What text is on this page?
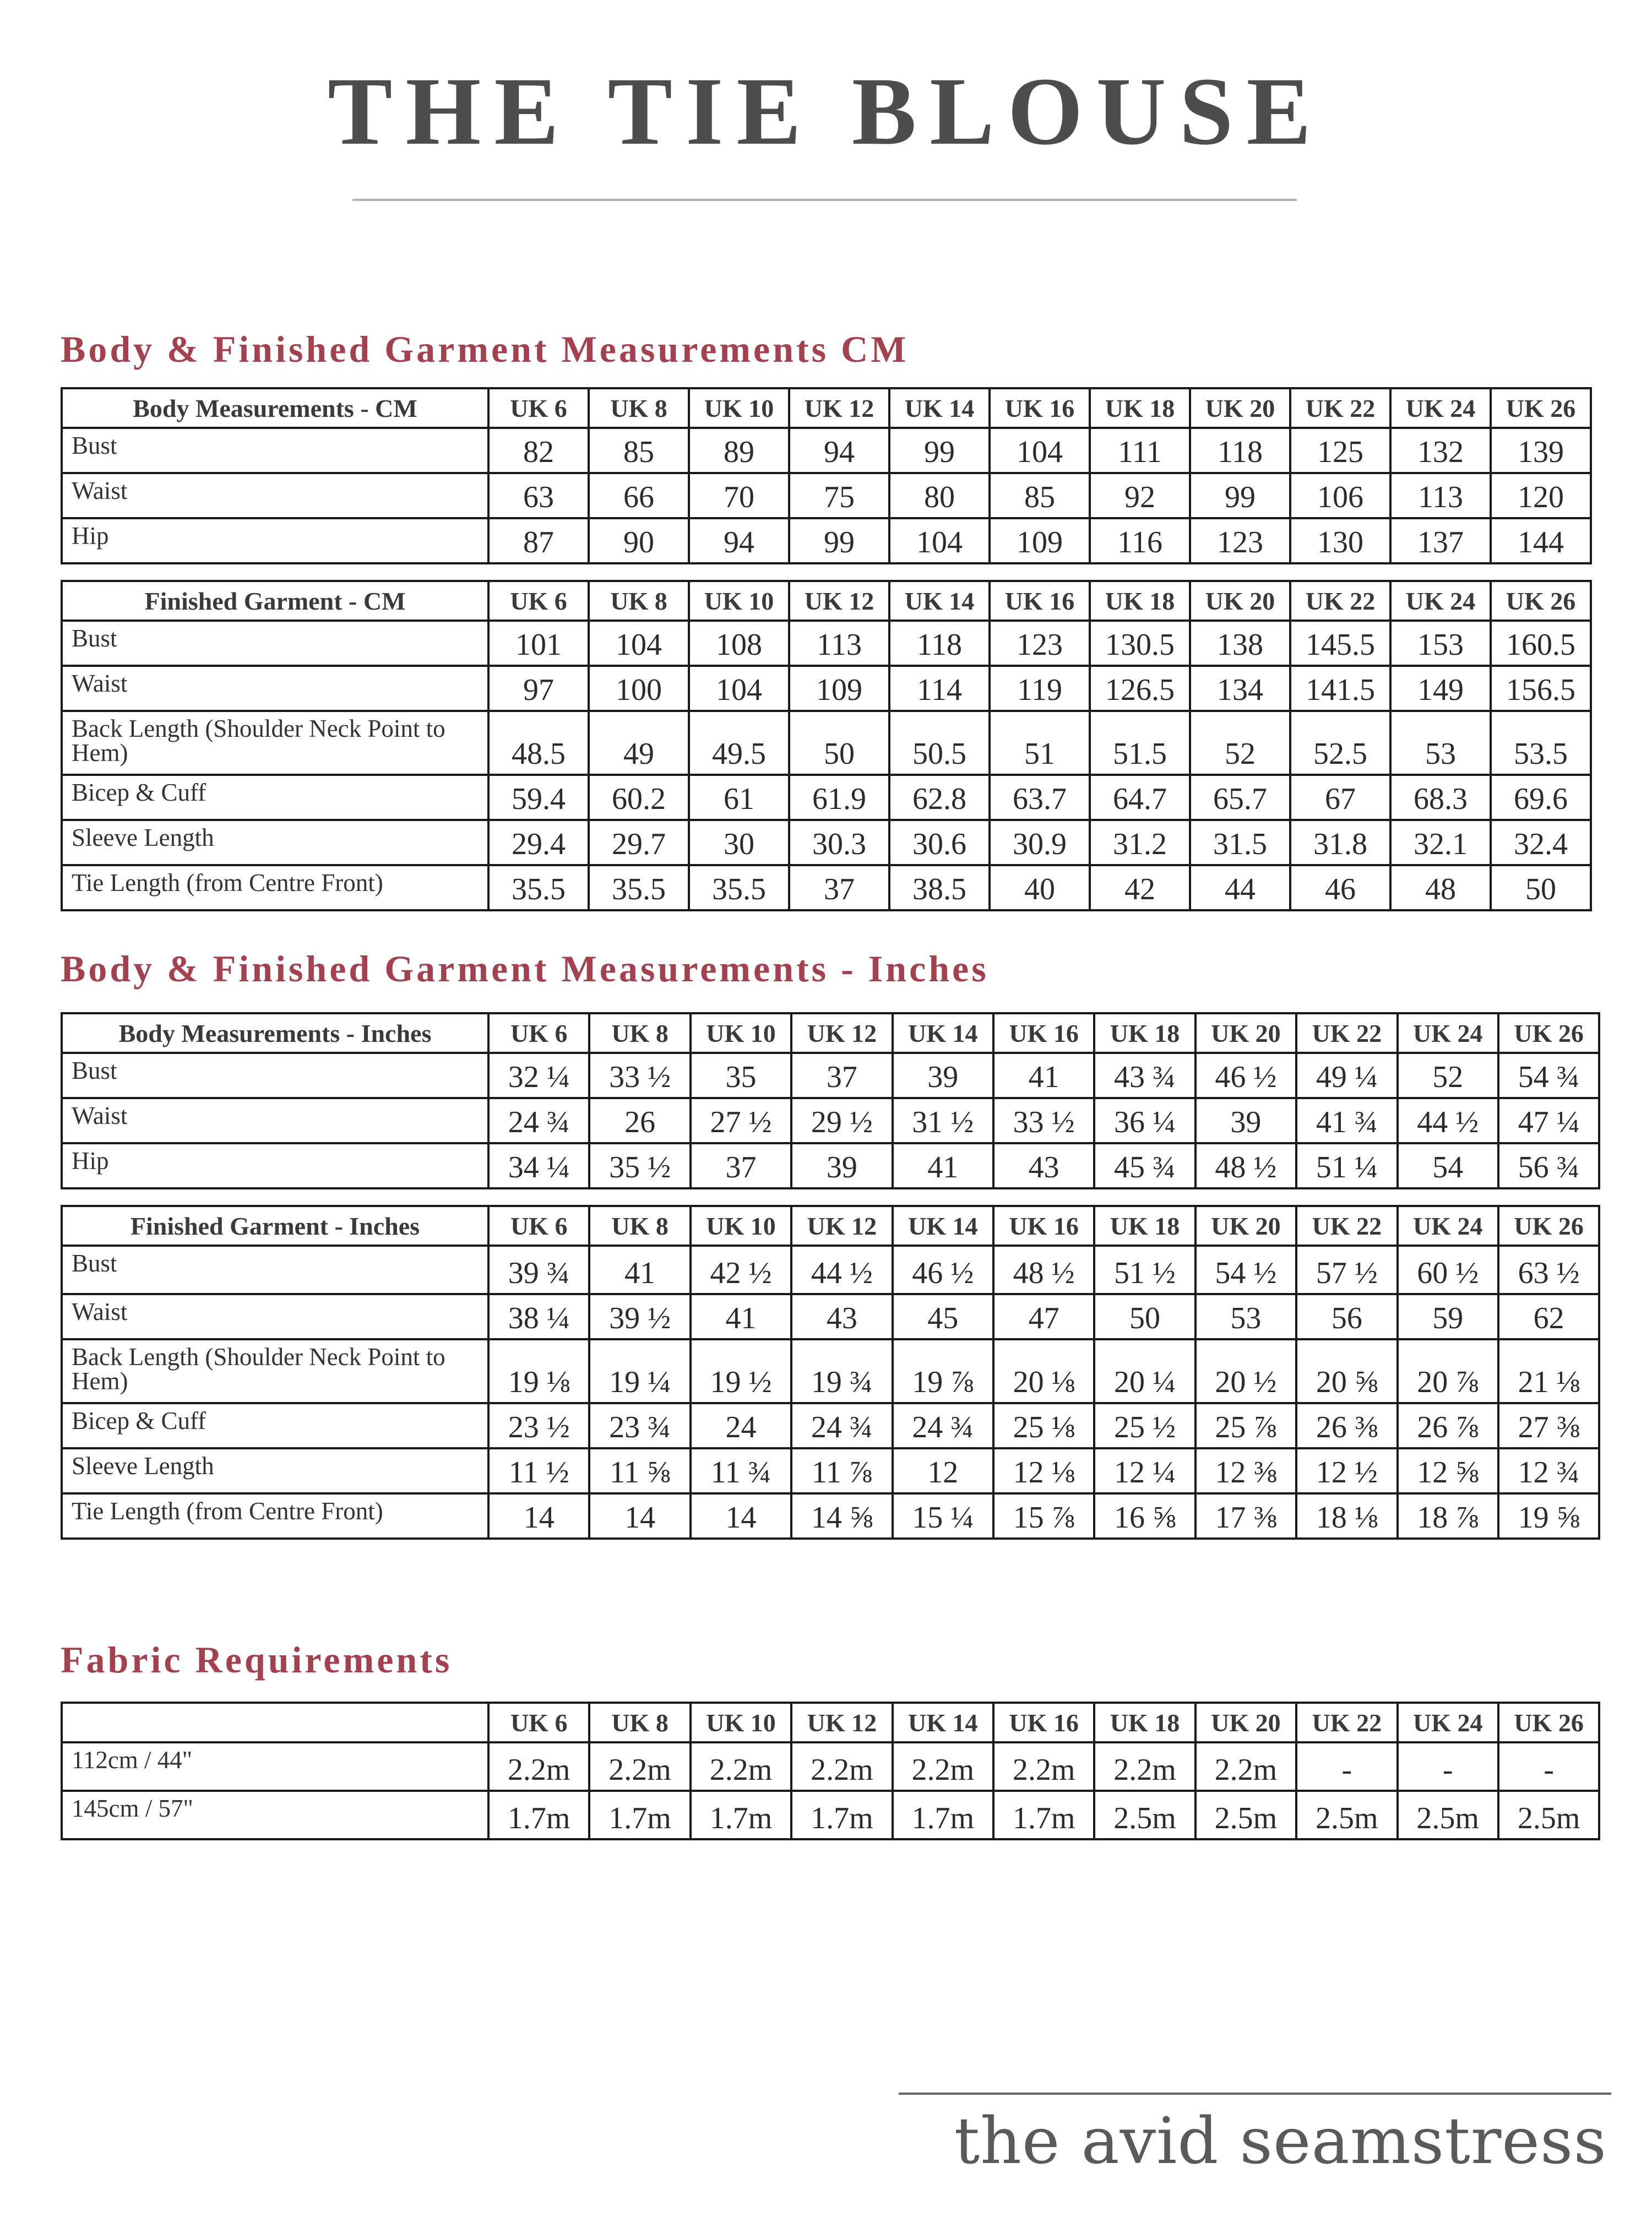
THE TIE BLOUSE
Body & Finished Garment Measurements CM
Body Measurements - CM	UK 6	UK 8	UK 10	UK 12	UK 14	UK 16	UK 18	UK 20	UK 22	UK 24	UK 26
Bust	82	85	89	94	99	104	111	118	125	132	139
Waist	63	66	70	75	80	85	92	99	106	113	120
Hip	87	90	94	99	104	109	116	123	130	137	144
Finished Garment - CM	UK 6	UK 8	UK 10	UK 12	UK 14	UK 16	UK 18	UK 20	UK 22	UK 24	UK 26
Bust	101	104	108	113	118	123	130.5	138	145.5	153	160.5
Waist	97	100	104	109	114	119	126.5	134	141.5	149	156.5
Back Length (Shoulder Neck Point to Hem)	48.5	49	49.5	50	50.5	51	51.5	52	52.5	53	53.5
Bicep & Cuff	59.4	60.2	61	61.9	62.8	63.7	64.7	65.7	67	68.3	69.6
Sleeve Length	29.4	29.7	30	30.3	30.6	30.9	31.2	31.5	31.8	32.1	32.4
Tie Length (from Centre Front)	35.5	35.5	35.5	37	38.5	40	42	44	46	48	50
Body & Finished Garment Measurements - Inches
Body Measurements - Inches	UK 6	UK 8	UK 10	UK 12	UK 14	UK 16	UK 18	UK 20	UK 22	UK 24	UK 26
Bust	32 ¼	33 ½	35	37	39	41	43 ¾	46 ½	49 ¼	52	54 ¾
Waist	24 ¾	26	27 ½	29 ½	31 ½	33 ½	36 ¼	39	41 ¾	44 ½	47 ¼
Hip	34 ¼	35 ½	37	39	41	43	45 ¾	48 ½	51 ¼	54	56 ¾
Finished Garment - Inches	UK 6	UK 8	UK 10	UK 12	UK 14	UK 16	UK 18	UK 20	UK 22	UK 24	UK 26
Bust	39 ¾	41	42 ½	44 ½	46 ½	48 ½	51 ½	54 ½	57 ½	60 ½	63 ½
Waist	38 ¼	39 ½	41	43	45	47	50	53	56	59	62
Back Length (Shoulder Neck Point to Hem)	19 ⅛	19 ¼	19 ½	19 ¾	19 ⅞	20 ⅛	20 ¼	20 ½	20 ⅝	20 ⅞	21 ⅛
Bicep & Cuff	23 ½	23 ¾	24	24 ¾	24 ¾	25 ⅛	25 ½	25 ⅞	26 ⅜	26 ⅞	27 ⅜
Sleeve Length	11 ½	11 ⅝	11 ¾	11 ⅞	12	12 ⅛	12 ¼	12 ⅜	12 ½	12 ⅝	12 ¾
Tie Length (from Centre Front)	14	14	14	14 ⅝	15 ¼	15 ⅞	16 ⅝	17 ⅜	18 ⅛	18 ⅞	19 ⅝
Fabric Requirements
	UK 6	UK 8	UK 10	UK 12	UK 14	UK 16	UK 18	UK 20	UK 22	UK 24	UK 26
112cm / 44"	2.2m	2.2m	2.2m	2.2m	2.2m	2.2m	2.2m	2.2m	-	-	-
145cm / 57"	1.7m	1.7m	1.7m	1.7m	1.7m	1.7m	2.5m	2.5m	2.5m	2.5m	2.5m
the avid seamstress
